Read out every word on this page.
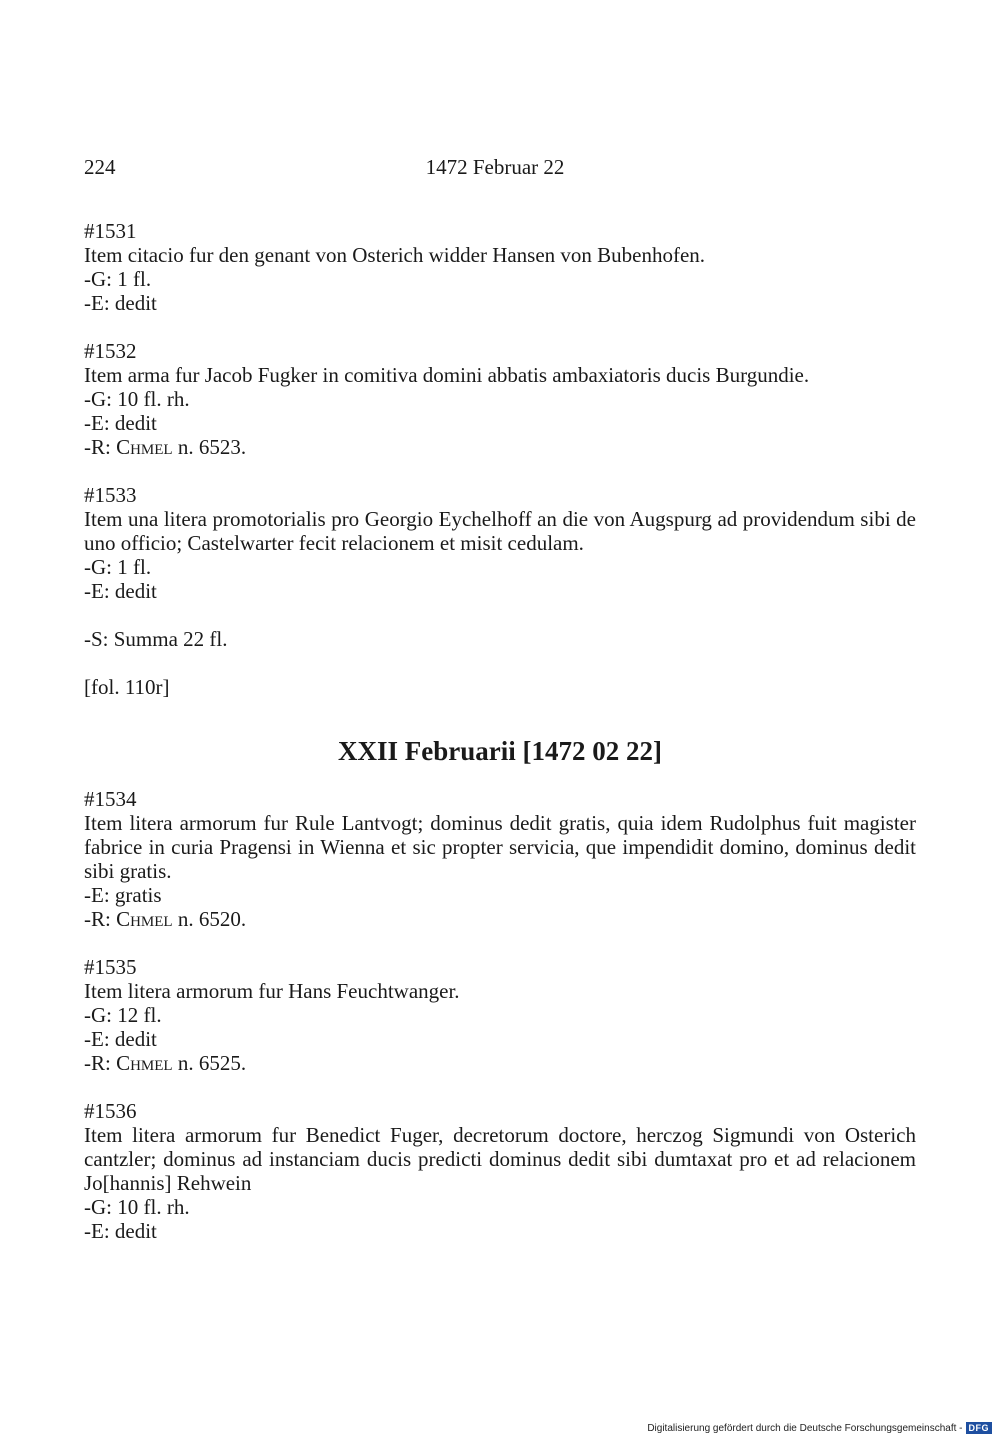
224	1472 Februar 22

#1531

Item citacio fur den genant von Osterich widder Hansen von Bubenhofen.

-G: 1 fl.

-E: dedit

#1532

Item arma fur Jacob Fugker in comitiva domini abbatis ambaxiatoris ducis Burgundie.

-G: 10 fl. rh.

-E: dedit

-R: Chmel n. 6523.

#1533

Item una litera promotorialis pro Georgio Eychelhoff an die von Augspurg ad providendum sibi de uno officio; Castelwarter fecit relacionem et misit cedulam.

-G: 1 fl.

-E: dedit

-S: Summa 22 fl.

[fol. 110r]

XXII Februarii [1472 02 22]

#1534

Item litera armorum fur Rule Lantvogt; dominus dedit gratis, quia idem Rudolphus fuit magister fabrice in curia Pragensi in Wienna et sic propter servicia, que impendidit domino, dominus dedit sibi gratis.

-E: gratis

-R: Chmel n. 6520.

#1535

Item litera armorum fur Hans Feuchtwanger.

-G: 12 fl.

-E: dedit

-R: Chmel n. 6525.

#1536

Item litera armorum fur Benedict Fuger, decretorum doctore, herczog Sigmundi von Osterich cantzler; dominus ad instanciam ducis predicti dominus dedit sibi dumtaxat pro et ad relacionem Jo[hannis] Rehwein

-G: 10 fl. rh.

-E: dedit

Digitalisierung gefördert durch die Deutsche Forschungsgemeinschaft - DFG
